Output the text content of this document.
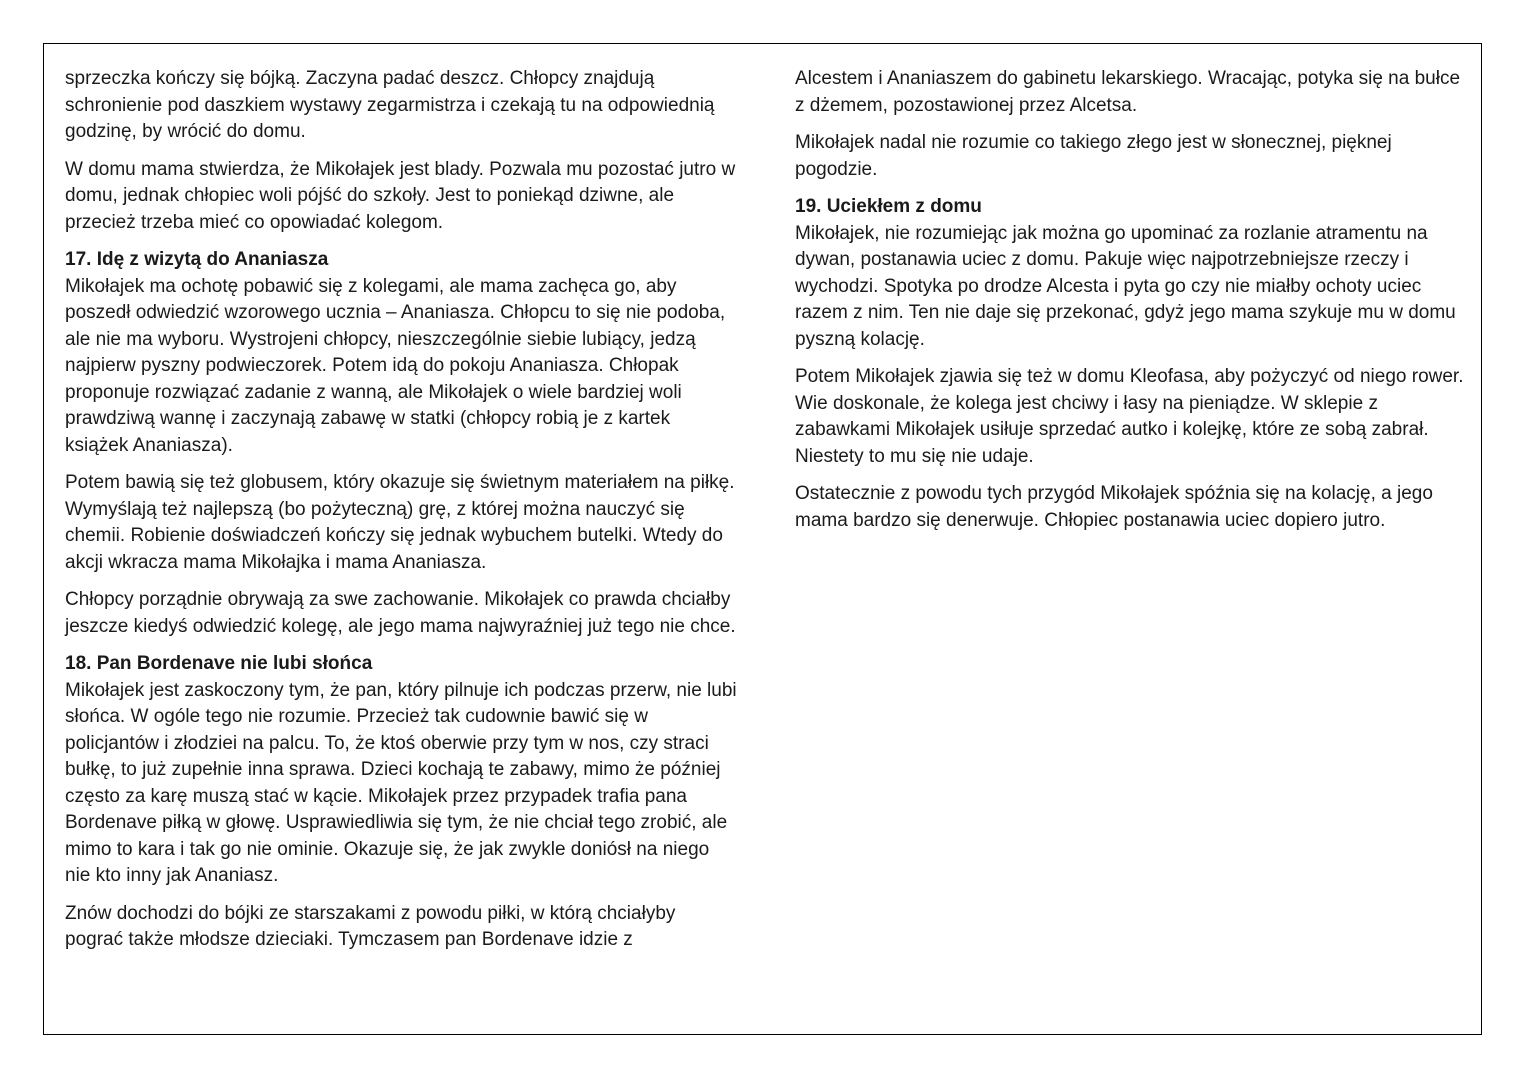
sprzeczka kończy się bójką. Zaczyna padać deszcz. Chłopcy znajdują schronienie pod daszkiem wystawy zegarmistrza i czekają tu na odpowiednią godzinę, by wrócić do domu.

W domu mama stwierdza, że Mikołajek jest blady. Pozwala mu pozostać jutro w domu, jednak chłopiec woli pójść do szkoły. Jest to poniekąd dziwne, ale przecież trzeba mieć co opowiadać kolegom.

17. Idę z wizytą do Ananiasza

Mikołajek ma ochotę pobawić się z kolegami, ale mama zachęca go, aby poszedł odwiedzić wzorowego ucznia – Ananiasza. Chłopcu to się nie podoba, ale nie ma wyboru. Wystrojeni chłopcy, nieszczególnie siebie lubiący, jedzą najpierw pyszny podwieczorek. Potem idą do pokoju Ananiasza. Chłopak proponuje rozwiązać zadanie z wanną, ale Mikołajek o wiele bardziej woli prawdziwą wannę i zaczynają zabawę w statki (chłopcy robią je z kartek książek Ananiasza).

Potem bawią się też globusem, który okazuje się świetnym materiałem na piłkę. Wymyślają też najlepszą (bo pożyteczną) grę, z której można nauczyć się chemii. Robienie doświadczeń kończy się jednak wybuchem butelki. Wtedy do akcji wkracza mama Mikołajka i mama Ananiasza.

Chłopcy porządnie obrywają za swe zachowanie. Mikołajek co prawda chciałby jeszcze kiedyś odwiedzić kolegę, ale jego mama najwyraźniej już tego nie chce.

18. Pan Bordenave nie lubi słońca

Mikołajek jest zaskoczony tym, że pan, który pilnuje ich podczas przerw, nie lubi słońca. W ogóle tego nie rozumie. Przecież tak cudownie bawić się w policjantów i złodziei na palcu. To, że ktoś oberwie przy tym w nos, czy straci bułkę, to już zupełnie inna sprawa. Dzieci kochają te zabawy, mimo że później często za karę muszą stać w kącie. Mikołajek przez przypadek trafia pana Bordenave piłką w głowę. Usprawiedliwia się tym, że nie chciał tego zrobić, ale mimo to kara i tak go nie ominie. Okazuje się, że jak zwykle doniósł na niego nie kto inny jak Ananiasz.

Znów dochodzi do bójki ze starszakami z powodu piłki, w którą chciałyby pograć także młodsze dzieciaki. Tymczasem pan Bordenave idzie z

Alcestem i Ananiaszem do gabinetu lekarskiego. Wracając, potyka się na bułce z dżemem, pozostawionej przez Alcetsa.

Mikołajek nadal nie rozumie co takiego złego jest w słonecznej, pięknej pogodzie.

19. Uciekłem z domu

Mikołajek, nie rozumiejąc jak można go upominać za rozlanie atramentu na dywan, postanawia uciec z domu. Pakuje więc najpotrzebniejsze rzeczy i wychodzi. Spotyka po drodze Alcesta i pyta go czy nie miałby ochoty uciec razem z nim. Ten nie daje się przekonać, gdyż jego mama szykuje mu w domu pyszną kolację.

Potem Mikołajek zjawia się też w domu Kleofasa, aby pożyczyć od niego rower. Wie doskonale, że kolega jest chciwy i łasy na pieniądze. W sklepie z zabawkami Mikołajek usiłuje sprzedać autko i kolejkę, które ze sobą zabrał. Niestety to mu się nie udaje.

Ostatecznie z powodu tych przygód Mikołajek spóźnia się na kolację, a jego mama bardzo się denerwuje. Chłopiec postanawia uciec dopiero jutro.
